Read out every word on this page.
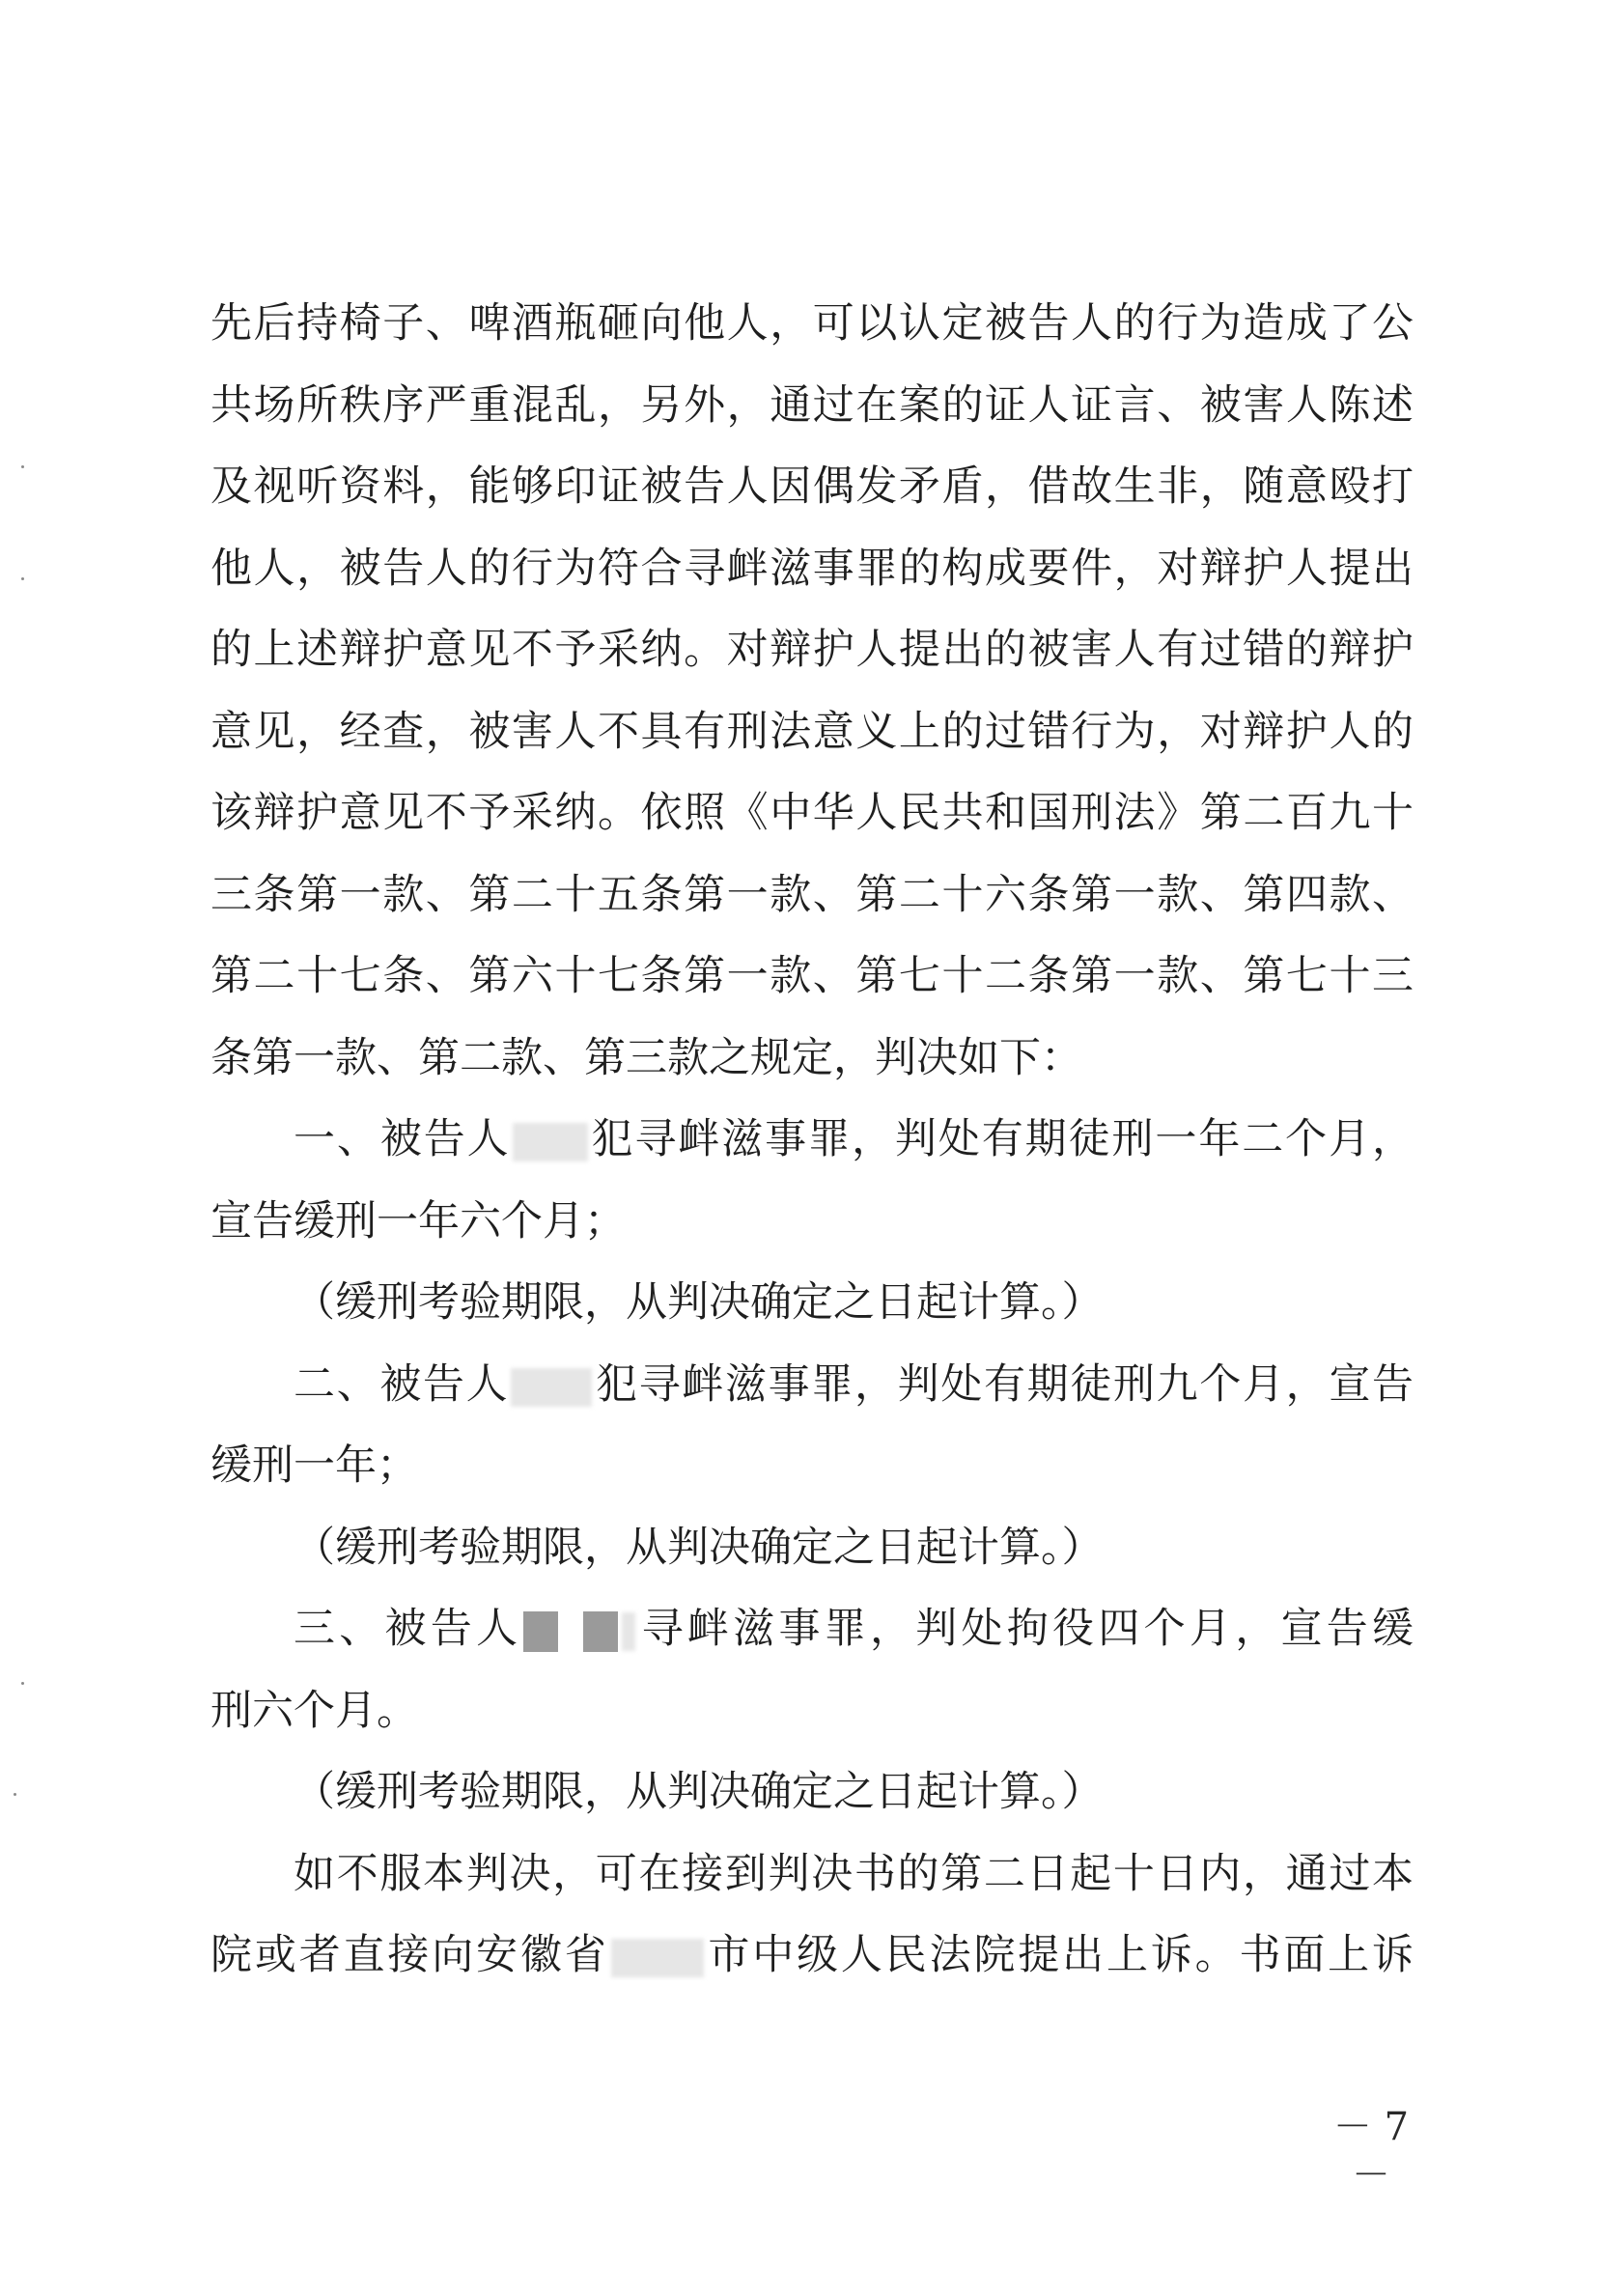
先后持椅子、啤酒瓶砸向他人，可以认定被告人的行为造成了公
共场所秩序严重混乱，另外，通过在案的证人证言、被害人陈述
及视听资料，能够印证被告人因偶发矛盾，借故生非，随意殴打
他人，被告人的行为符合寻衅滋事罪的构成要件，对辩护人提出
的上述辩护意见不予采纳。对辩护人提出的被害人有过错的辩护
意见，经查，被害人不具有刑法意义上的过错行为，对辩护人的
该辩护意见不予采纳。依照《中华人民共和国刑法》第二百九十
三条第一款、第二十五条第一款、第二十六条第一款、第四款、
第二十七条、第六十七条第一款、第七十二条第一款、第七十三
条第一款、第二款、第三款之规定，判决如下：
一、被告人 犯寻衅滋事罪，判处有期徒刑一年二个月，
宣告缓刑一年六个月；
（缓刑考验期限，从判决确定之日起计算。）
二、被告人 犯寻衅滋事罪，判处有期徒刑九个月，宣告
缓刑一年；
（缓刑考验期限，从判决确定之日起计算。）
三、被告人	寻衅滋事罪，判处拘役四个月，宣告缓
刑六个月。
（缓刑考验期限，从判决确定之日起计算。）
如不服本判决，可在接到判决书的第二日起十日内，通过本
院或者直接向安徽省 市中级人民法院提出上诉。书面上诉
－ 7 －
